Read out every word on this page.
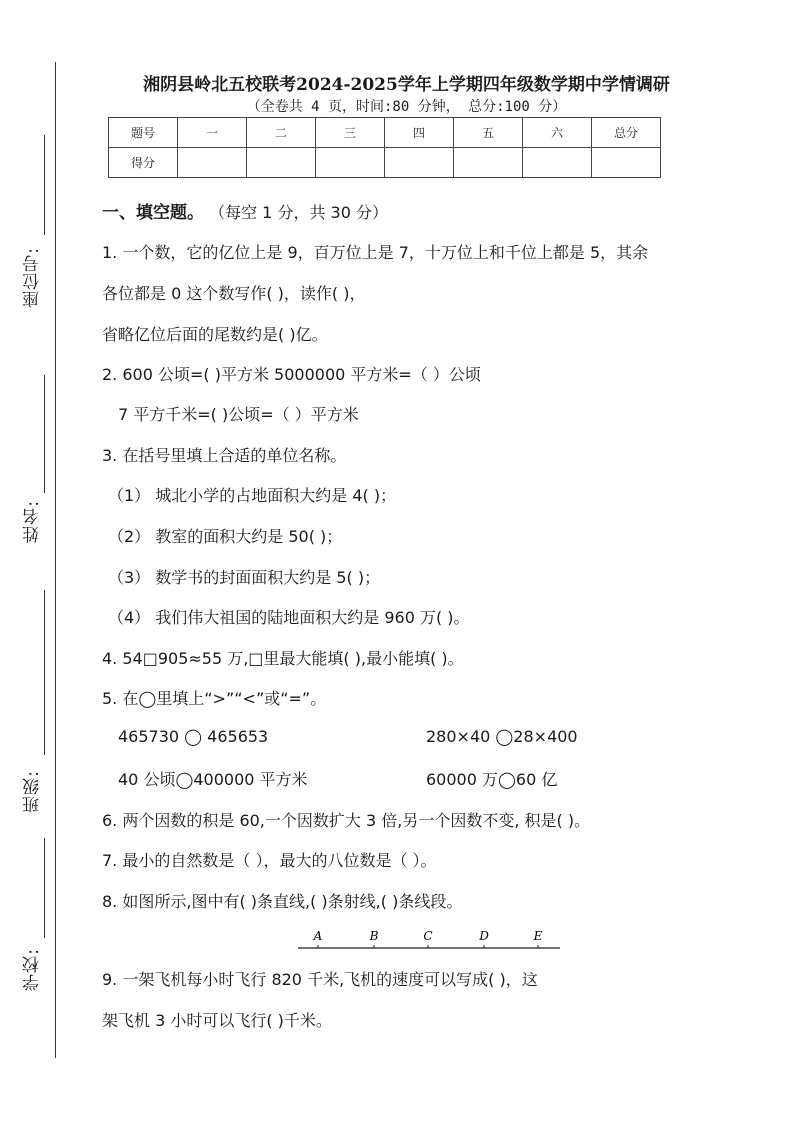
座位号:
姓名:
班级:
学校:
湘阴县岭北五校联考2024-2025学年上学期四年级数学期中学情调研
（全卷共 4 页，时间:80 分钟， 总分:100 分）
题号	一	二	三	四	五	六	总分
得分							
一、填空题。 （每空 1 分，共 30 分）
1. 一个数，它的亿位上是 9，百万位上是 7，十万位上和千位上都是 5，其余
各位都是 0 这个数写作( )，读作( )，
省略亿位后面的尾数约是( )亿。
2. 600 公顷=( )平方米 5000000 平方米=（ ）公顷
7 平方千米=( )公顷=（ ）平方米
3. 在括号里填上合适的单位名称。
（1） 城北小学的占地面积大约是 4( )；
（2） 教室的面积大约是 50( )；
（3） 数学书的封面面积大约是 5( )；
（4） 我们伟大祖国的陆地面积大约是 960 万( )。
4. 54□905≈55 万,□里最大能填( ),最小能填( )。
5. 在◯里填上“>”“<”或“=”。
465730 ◯ 465653	280×40 ◯28×400
40 公顷◯400000 平方米	60000 万◯60 亿
6. 两个因数的积是 60,一个因数扩大 3 倍,另一个因数不变, 积是( )。
7. 最小的自然数是（ ），最大的八位数是（ ）。
8. 如图所示,图中有( )条直线,( )条射线,( )条线段。
A	B	C	D	E
9. 一架飞机每小时飞行 820 千米,飞机的速度可以写成( )，这
架飞机 3 小时可以飞行( )千米。
